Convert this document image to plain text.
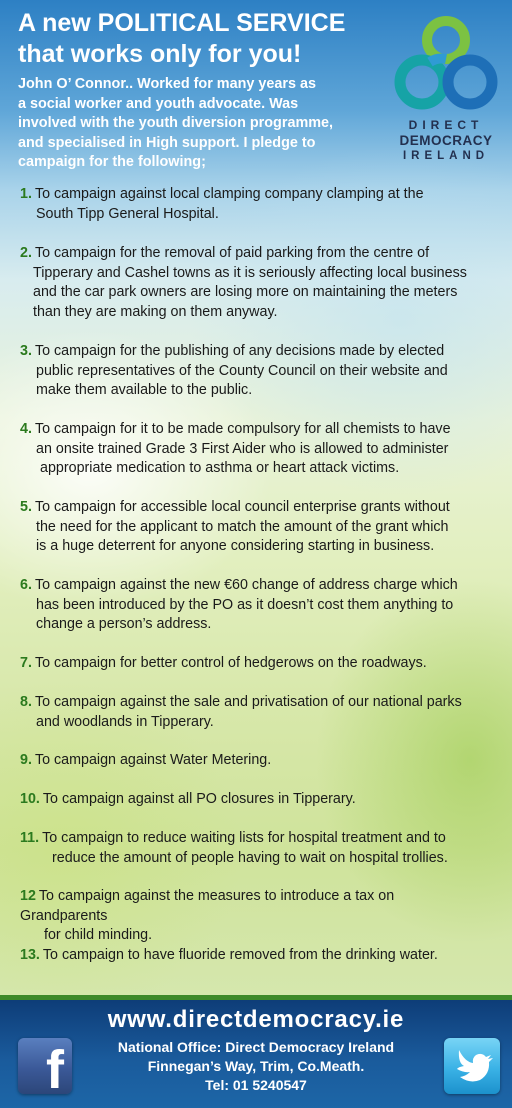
A new POLITICAL SERVICE
that works only for you!

John O’ Connor.. Worked for many years as
a social worker and youth advocate. Was
involved with the youth diversion programme,
and specialised in High support. I pledge to
campaign for the following;

DIRECT
DEMOCRACY
IRELAND
1. To campaign against local clamping company clamping at the
South Tipp General Hospital.
2. To campaign for the removal of paid parking from the centre of
Tipperary and Cashel towns as it is seriously affecting local business
and the car park owners are losing more on maintaining the meters
than they are making on them anyway.
3. To campaign for the publishing of any decisions made by elected
public representatives of the County Council on their website and
make them available to the public.
4. To campaign for it to be made compulsory for all chemists to have
an onsite trained Grade 3 First Aider who is allowed to administer
appropriate medication to asthma or heart attack victims.
5. To campaign for accessible local council enterprise grants without
the need for the applicant to match the amount of the grant which
is a huge deterrent for anyone considering starting in business.
6. To campaign against the new €60 change of address charge which
has been introduced by the PO as it doesn’t cost them anything to
change a person’s address.
7. To campaign for better control of hedgerows on the roadways.
8. To campaign against the sale and privatisation of our national parks
and woodlands in Tipperary.
9. To campaign against Water Metering.
10. To campaign against all PO closures in Tipperary.
11. To campaign to reduce waiting lists for hospital treatment and to
reduce the amount of people having to wait on hospital trollies.
12 To campaign against the measures to introduce a tax on Grandparents
for child minding.
13. To campaign to have fluoride removed from the drinking water.

www.directdemocracy.ie

f	National Office: Direct Democracy Ireland

Finnegan’s Way, Trim, Co.Meath.

Tel: 01 5240547
